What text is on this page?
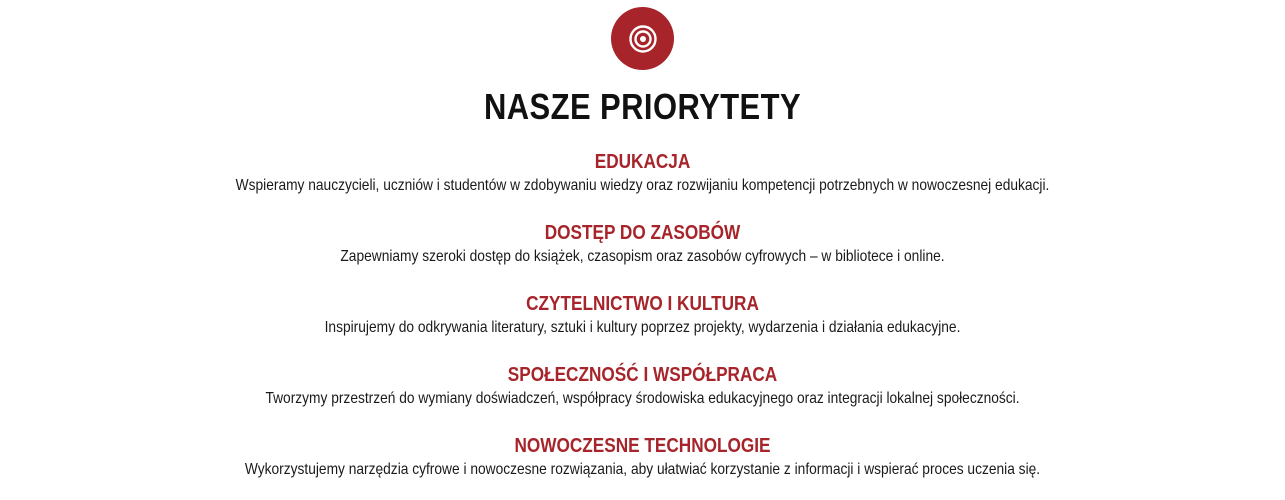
NASZE PRIORYTETY
EDUKACJA
Wspieramy nauczycieli, uczniów i studentów w zdobywaniu wiedzy oraz rozwijaniu kompetencji potrzebnych w nowoczesnej edukacji.
DOSTĘP DO ZASOBÓW
Zapewniamy szeroki dostęp do książek, czasopism oraz zasobów cyfrowych – w bibliotece i online.
CZYTELNICTWO I KULTURA
Inspirujemy do odkrywania literatury, sztuki i kultury poprzez projekty, wydarzenia i działania edukacyjne.
SPOŁECZNOŚĆ I WSPÓŁPRACA
Tworzymy przestrzeń do wymiany doświadczeń, współpracy środowiska edukacyjnego oraz integracji lokalnej społeczności.
NOWOCZESNE TECHNOLOGIE
Wykorzystujemy narzędzia cyfrowe i nowoczesne rozwiązania, aby ułatwiać korzystanie z informacji i wspierać proces uczenia się.
